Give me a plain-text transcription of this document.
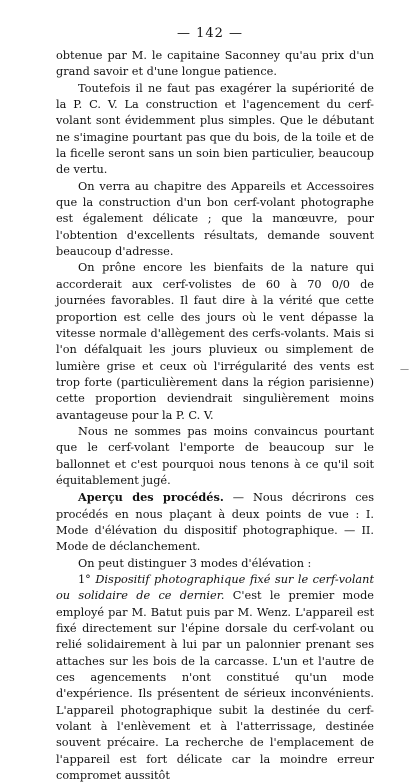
— 142 —

obtenue par M. le capitaine Saconney qu'au prix d'un grand savoir et d'une longue patience.

Toutefois il ne faut pas exagérer la supériorité de la P. C. V. La construction et l'agencement du cerf-volant sont évidemment plus simples. Que le débutant ne s'imagine pourtant pas que du bois, de la toile et de la ficelle seront sans un soin bien particulier, beaucoup de vertu.

On verra au chapitre des Appareils et Accessoires que la construction d'un bon cerf-volant photographe est également délicate ; que la manœuvre, pour l'obtention d'excellents résultats, demande souvent beaucoup d'adresse.

On prône encore les bienfaits de la nature qui accorderait aux cerf-volistes de 60 à 70 0/0 de journées favorables. Il faut dire à la vérité que cette proportion est celle des jours où le vent dépasse la vitesse normale d'allègement des cerfs-volants. Mais si l'on défalquait les jours pluvieux ou simplement de lumière grise et ceux où l'irrégularité des vents est trop forte (particulièrement dans la région parisienne) cette proportion deviendrait singulièrement moins avantageuse pour la P. C. V.

Nous ne sommes pas moins convaincus pourtant que le cerf-volant l'emporte de beaucoup sur le ballonnet et c'est pourquoi nous tenons à ce qu'il soit équitablement jugé.

Aperçu des procédés. — Nous décrirons ces procédés en nous plaçant à deux points de vue : I. Mode d'élévation du dispositif photographique. — II. Mode de déclanchement.

On peut distinguer 3 modes d'élévation :

1° Dispositif photographique fixé sur le cerf-volant ou solidaire de ce dernier. C'est le premier mode employé par M. Batut puis par M. Wenz. L'appareil est fixé directement sur l'épine dorsale du cerf-volant ou relié solidairement à lui par un palonnier prenant ses attaches sur les bois de la carcasse. L'un et l'autre de ces agencements n'ont constitué qu'un mode d'expérience. Ils présentent de sérieux inconvénients. L'appareil photographique subit la destinée du cerf-volant à l'enlèvement et à l'atterrissage, destinée souvent précaire. La recherche de l'emplacement de l'appareil est fort délicate car la moindre erreur compromet aussitôt

—
